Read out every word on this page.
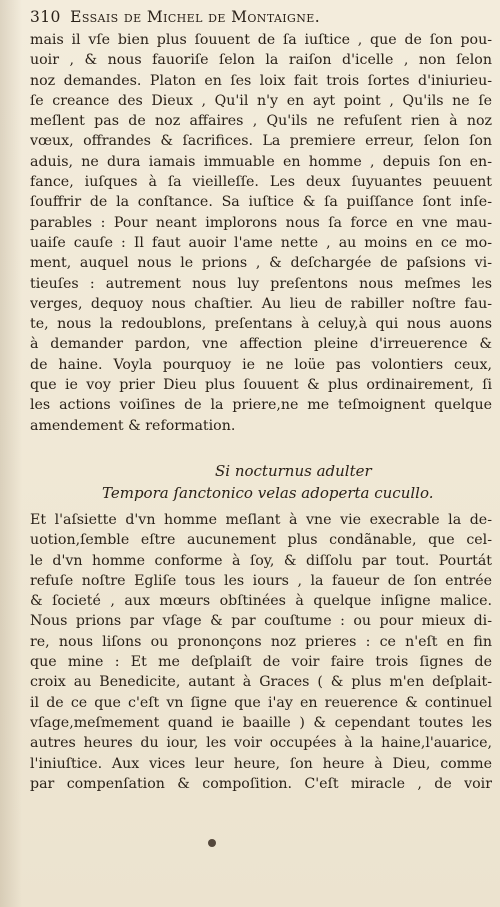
310 Essais de Michel de Montaigne.
mais il vſe bien plus ſouuent de ſa iuſtice , que de ſon pou-
uoir , & nous fauoriſe ſelon la raiſon d'icelle , non ſelon
noz demandes. Platon en ſes loix fait trois ſortes d'iniurieu-
ſe creance des Dieux , Qu'il n'y en ayt point , Qu'ils ne ſe
meſlent pas de noz affaires , Qu'ils ne refuſent rien à noz
vœux, offrandes & ſacrifices. La premiere erreur, ſelon ſon
aduis, ne dura iamais immuable en homme , depuis ſon en-
fance, iuſques à ſa vieilleſſe. Les deux ſuyuantes peuuent
ſouffrir de la conſtance. Sa iuſtice & ſa puiſſance ſont inſe-
parables : Pour neant implorons nous ſa force en vne mau-
uaiſe cauſe : Il faut auoir l'ame nette , au moins en ce mo-
ment, auquel nous le prions , & deſchargée de paſsions vi-
tieuſes : autrement nous luy preſentons nous meſmes les
verges, dequoy nous chaſtier. Au lieu de rabiller noſtre fau-
te, nous la redoublons, preſentans à celuy,à qui nous auons
à demander pardon, vne affection pleine d'irreuerence &
de haine. Voyla pourquoy ie ne loüe pas volontiers ceux,
que ie voy prier Dieu plus ſouuent & plus ordinairement, ſi
les actions voiſines de la priere,ne me teſmoignent quelque
amendement & reformation.
Si nocturnus adulter
Tempora ſanctonico velas adoperta cucullo.
Et l'aſsiette d'vn homme meſlant à vne vie execrable la de-
uotion,ſemble eſtre aucunement plus condãnable, que cel-
le d'vn homme conforme à ſoy, & diſſolu par tout. Pourtát
refuſe noſtre Egliſe tous les iours , la faueur de ſon entrée
& ſocieté , aux mœurs obſtinées à quelque inſigne malice.
Nous prions par vſage & par couſtume : ou pour mieux di-
re, nous liſons ou prononçons noz prieres : ce n'eſt en fin
que mine : Et me deſplaiſt de voir faire trois ſignes de
croix au Benedicite, autant à Graces ( & plus m'en deſplait-
il de ce que c'eſt vn ſigne que i'ay en reuerence & continuel
vſage,meſmement quand ie baaille ) & cependant toutes les
autres heures du iour, les voir occupées à la haine,l'auarice,
l'iniuſtice. Aux vices leur heure, ſon heure à Dieu, comme
par compenſation & compoſition. C'eſt miracle , de voir
